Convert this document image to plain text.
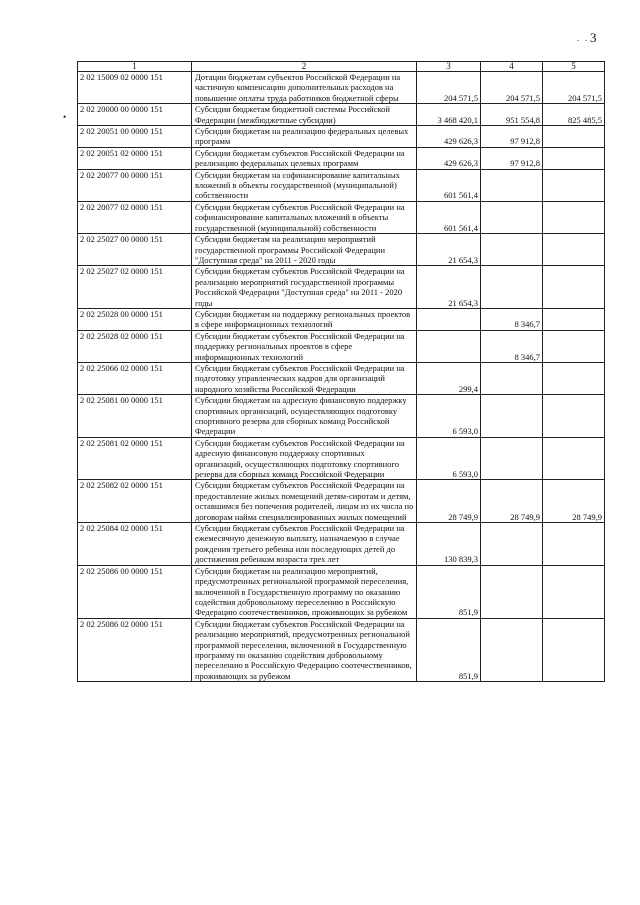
. . 3
•
1	2	3	4	5
2 02 15009 02 0000 151	Дотации бюджетам субъектов Российской Федерации на частичную компенсацию дополнительных расходов на повышение оплаты труда работников бюджетной сферы	204 571,5	204 571,5	204 571,5
2 02 20000 00 0000 151	Субсидии бюджетам бюджетной системы Российской Федерации (межбюджетные субсидии)	3 468 420,1	951 554,8	825 485,5
2 02 20051 00 0000 151	Субсидии бюджетам на реализацию федеральных целевых программ	429 626,3	97 912,8	
2 02 20051 02 0000 151	Субсидии бюджетам субъектов Российской Федерации на реализацию федеральных целевых программ	429 626,3	97 912,8	
2 02 20077 00 0000 151	Субсидии бюджетам на софинансирование капитальных вложений в объекты государственной (муниципальной) собственности	601 561,4		
2 02 20077 02 0000 151	Субсидии бюджетам субъектов Российской Федерации на софинансирование капитальных вложений в объекты государственной (муниципальной) собственности	601 561,4		
2 02 25027 00 0000 151	Субсидии бюджетам на реализацию мероприятий государственной программы Российской Федерации "Доступная среда" на 2011 - 2020 годы	21 654,3		
2 02 25027 02 0000 151	Субсидии бюджетам субъектов Российской Федерации на реализацию мероприятий государственной программы Российской Федерации "Доступная среда" на 2011 - 2020 годы	21 654,3		
2 02 25028 00 0000 151	Субсидии бюджетам на поддержку региональных проектов в сфере информационных технологий		8 346,7	
2 02 25028 02 0000 151	Субсидии бюджетам субъектов Российской Федерации на поддержку региональных проектов в сфере информационных технологий		8 346,7	
2 02 25066 02 0000 151	Субсидии бюджетам субъектов Российской Федерации на подготовку управленческих кадров для организаций народного хозяйства Российской Федерации	299,4		
2 02 25081 00 0000 151	Субсидии бюджетам на адресную финансовую поддержку спортивных организаций, осуществляющих подготовку спортивного резерва для сборных команд Российской Федерации	6 593,0		
2 02 25081 02 0000 151	Субсидии бюджетам субъектов Российской Федерации на адресную финансовую поддержку спортивных организаций, осуществляющих подготовку спортивного резерва для сборных команд Российской Федерации	6 593,0		
2 02 25082 02 0000 151	Субсидии бюджетам субъектов Российской Федерации на предоставление жилых помещений детям-сиротам и детям, оставшимся без попечения родителей, лицам из их числа по договорам найма специализированных жилых помещений	28 749,9	28 749,9	28 749,9
2 02 25084 02 0000 151	Субсидии бюджетам субъектов Российской Федерации на ежемесячную денежную выплату, назначаемую в случае рождения третьего ребенка или последующих детей до достижения ребенком возраста трех лет	130 839,3		
2 02 25086 00 0000 151	Субсидии бюджетам на реализацию мероприятий, предусмотренных региональной программой переселения, включенной в Государственную программу по оказанию содействия добровольному переселению в Российскую Федерацию соотечественников, проживающих за рубежом	851,9		
2 02 25086 02 0000 151	Субсидии бюджетам субъектов Российской Федерации на реализацию мероприятий, предусмотренных региональной программой переселения, включенной в Государственную программу по оказанию содействия добровольному переселению в Российскую Федерацию соотечественников, проживающих за рубежом	851,9		
